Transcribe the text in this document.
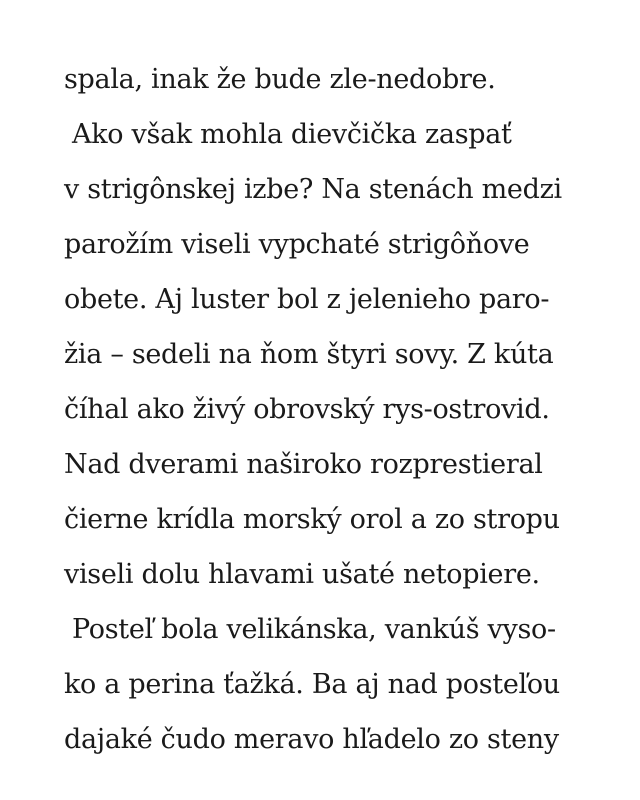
spala, inak že bude zle-nedobre.
Ako však mohla dievčička zaspať
v strigônskej izbe? Na stenách medzi
parožím viseli vypchaté strigôňove
obete. Aj luster bol z jelenieho paro-
žia – sedeli na ňom štyri sovy. Z kúta
číhal ako živý obrovský rys-ostrovid.
Nad dverami naširoko rozprestieral
čierne krídla morský orol a zo stropu
viseli dolu hlavami ušaté netopiere.
Posteľ bola velikánska, vankúš vyso-
ko a perina ťažká. Ba aj nad posteľou
dajaké čudo meravo hľadelo zo steny
